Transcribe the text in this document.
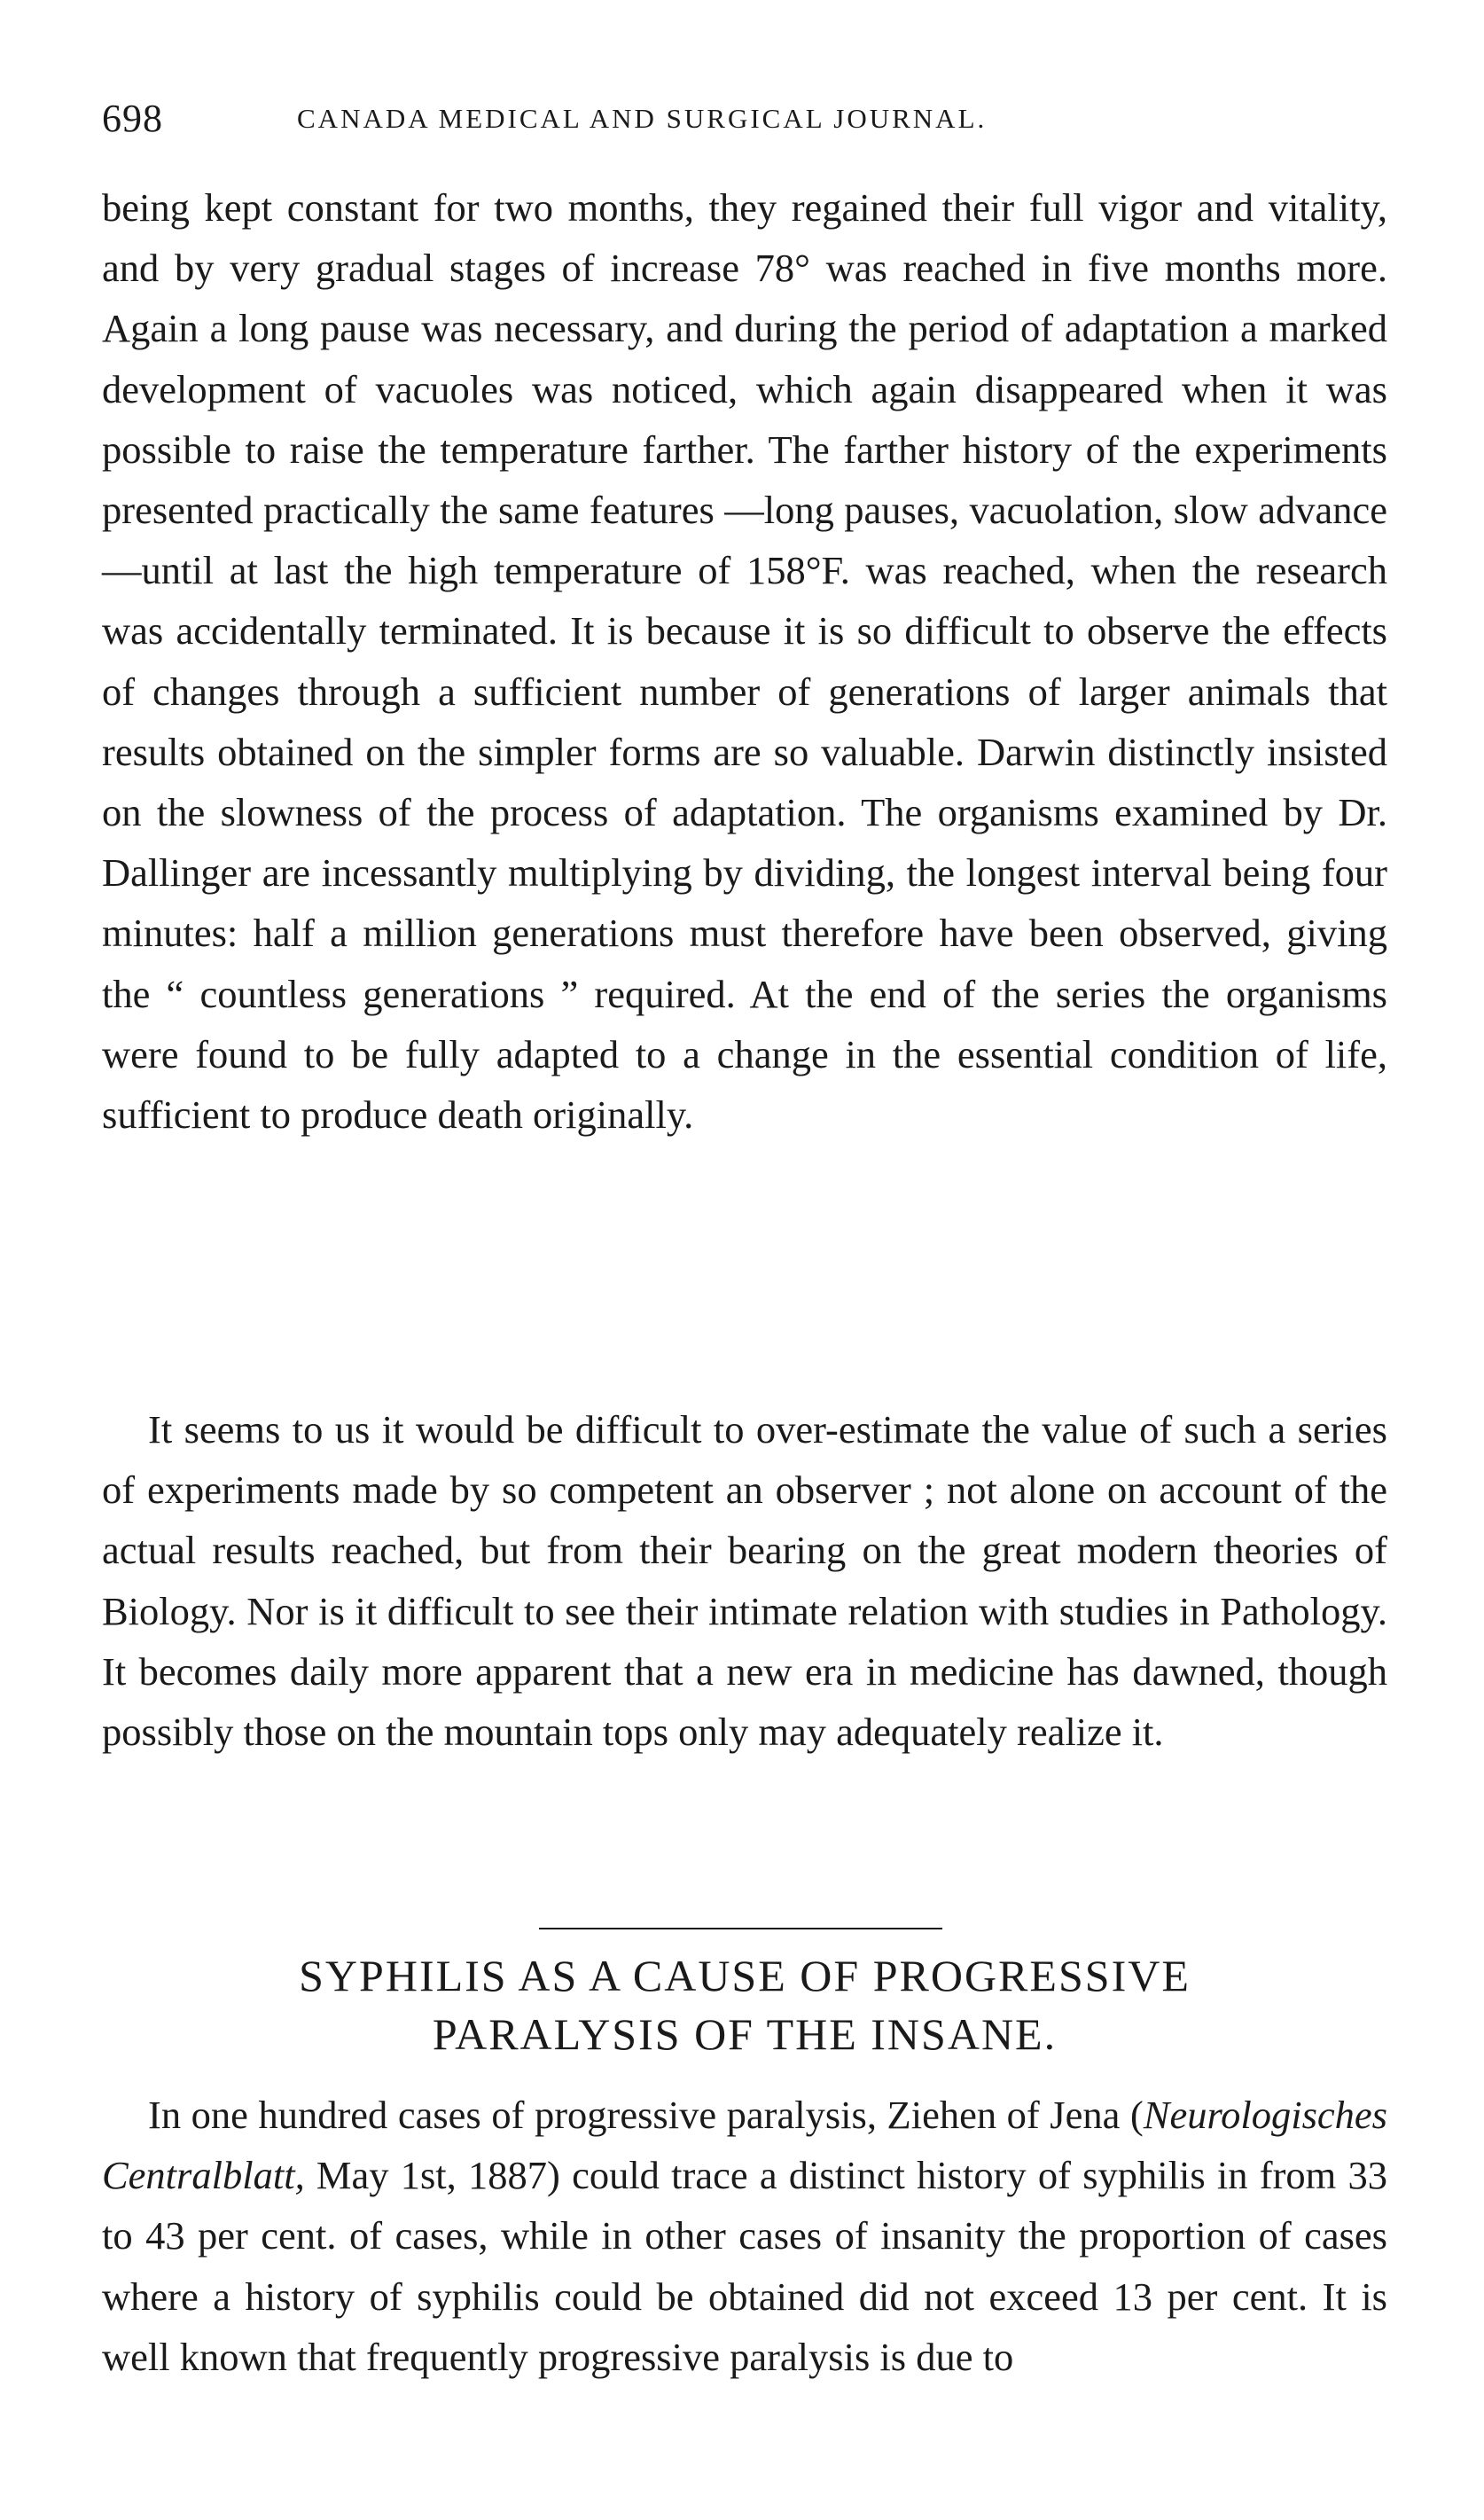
698	CANADA MEDICAL AND SURGICAL JOURNAL.

being kept constant for two months, they regained their full vigor and vitality, and by very gradual stages of increase 78° was reached in five months more. Again a long pause was necessary, and during the period of adaptation a marked development of vacuoles was noticed, which again disappeared when it was possible to raise the temperature farther. The farther history of the experiments presented practically the same features —long pauses, vacuolation, slow advance—until at last the high temperature of 158°F. was reached, when the research was accidentally terminated. It is because it is so difficult to observe the effects of changes through a sufficient number of generations of larger animals that results obtained on the simpler forms are so valuable. Darwin distinctly insisted on the slowness of the process of adaptation. The organisms examined by Dr. Dallinger are incessantly multiplying by dividing, the longest interval being four minutes: half a million generations must therefore have been observed, giving the “ countless generations ” required. At the end of the series the organisms were found to be fully adapted to a change in the essential condition of life, sufficient to produce death originally.

It seems to us it would be difficult to over-estimate the value of such a series of experiments made by so competent an observer ; not alone on account of the actual results reached, but from their bearing on the great modern theories of Biology. Nor is it difficult to see their intimate relation with studies in Pathology. It becomes daily more apparent that a new era in medicine has dawned, though possibly those on the mountain tops only may adequately realize it.

SYPHILIS AS A CAUSE OF PROGRESSIVE
PARALYSIS OF THE INSANE.

In one hundred cases of progressive paralysis, Ziehen of Jena (Neurologisches Centralblatt, May 1st, 1887) could trace a distinct history of syphilis in from 33 to 43 per cent. of cases, while in other cases of insanity the proportion of cases where a history of syphilis could be obtained did not exceed 13 per cent. It is well known that frequently progressive paralysis is due to
